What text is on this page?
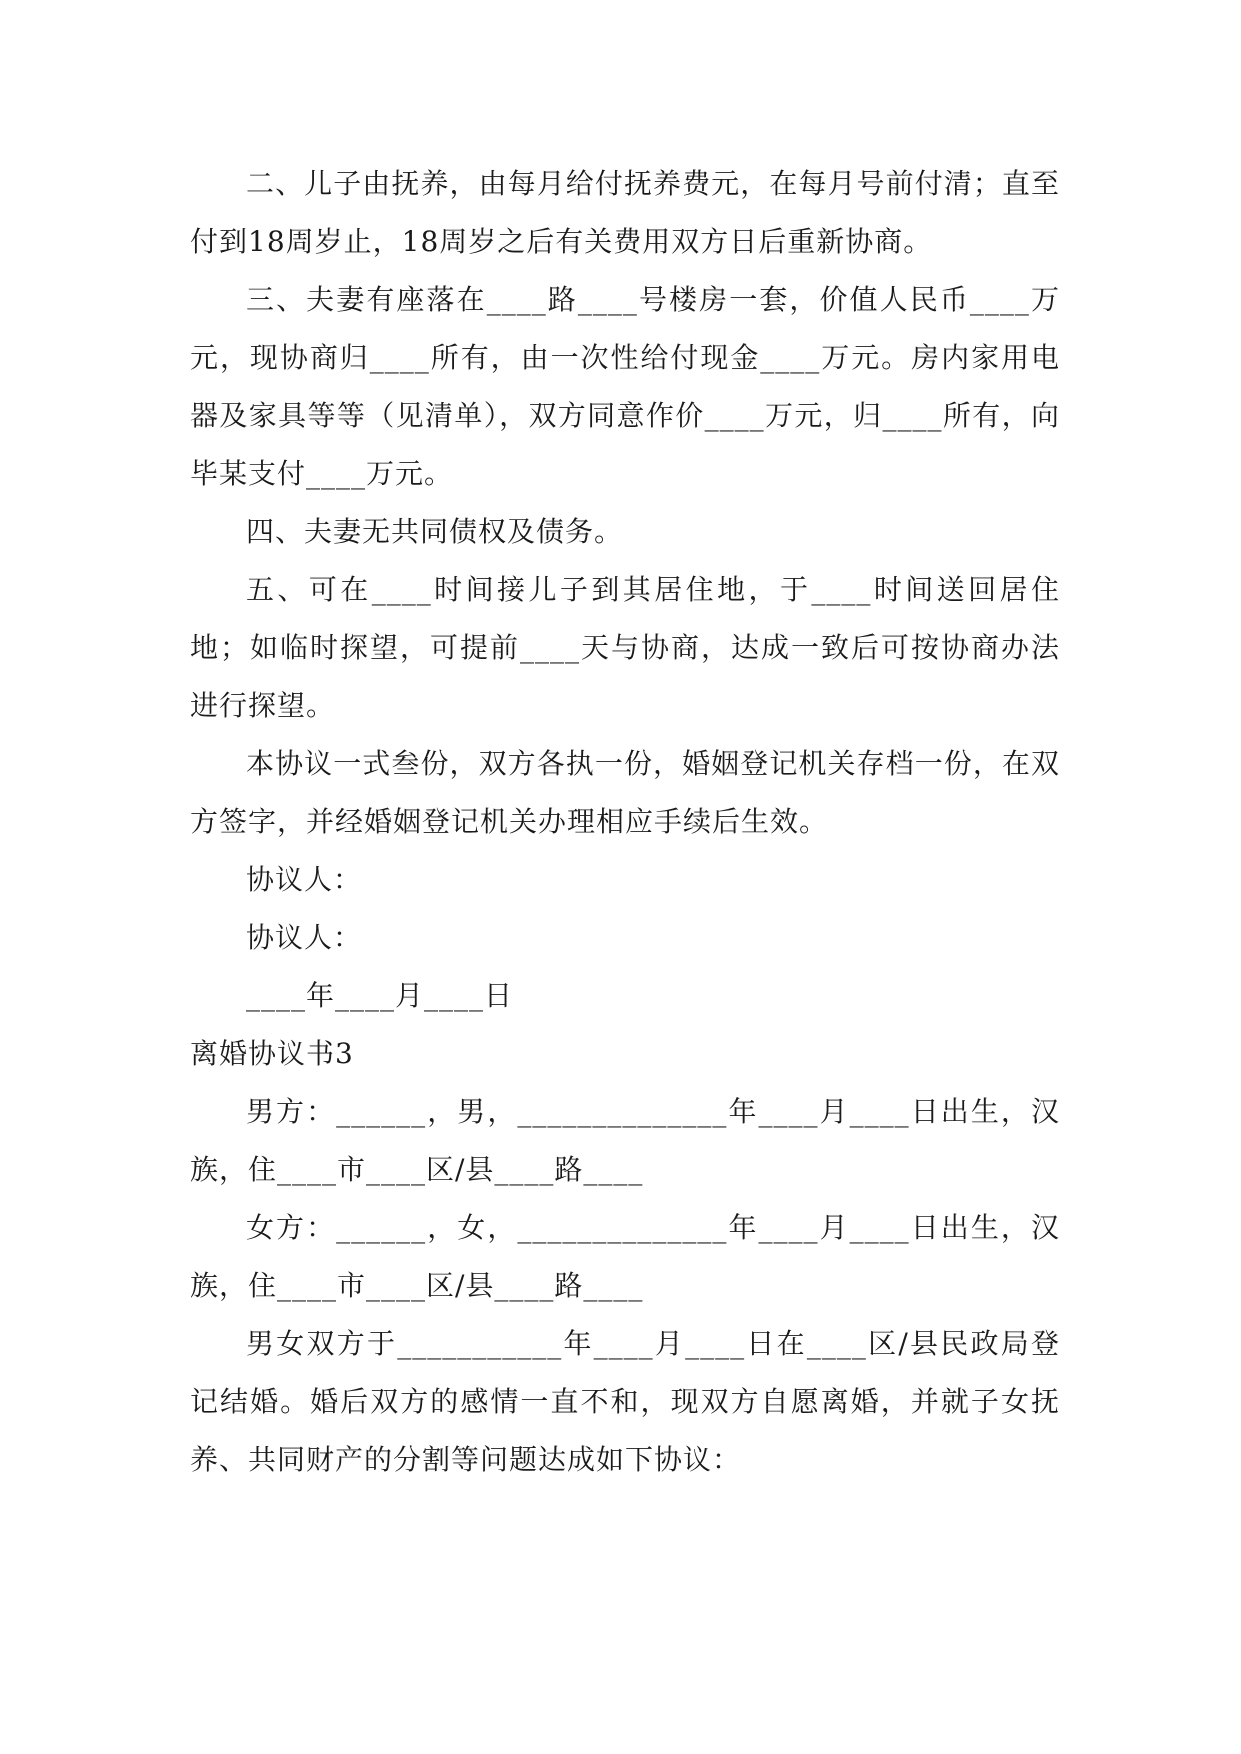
二、儿子由抚养，由每月给付抚养费元，在每月号前付清；直至付到18周岁止，18周岁之后有关费用双方日后重新协商。

三、夫妻有座落在____路____号楼房一套，价值人民币____万元，现协商归____所有，由一次性给付现金____万元。房内家用电器及家具等等（见清单），双方同意作价____万元，归____所有，向毕某支付____万元。

四、夫妻无共同债权及债务。

五、可在____时间接儿子到其居住地，于____时间送回居住地；如临时探望，可提前____天与协商，达成一致后可按协商办法进行探望。

本协议一式叁份，双方各执一份，婚姻登记机关存档一份，在双方签字，并经婚姻登记机关办理相应手续后生效。

协议人：

协议人：

____年____月____日

离婚协议书3

男方：______，男，______________年____月____日出生，汉族，住____市____区/县____路____

女方：______，女，______________年____月____日出生，汉族，住____市____区/县____路____

男女双方于___________年____月____日在____区/县民政局登记结婚。婚后双方的感情一直不和，现双方自愿离婚，并就子女抚养、共同财产的分割等问题达成如下协议：
